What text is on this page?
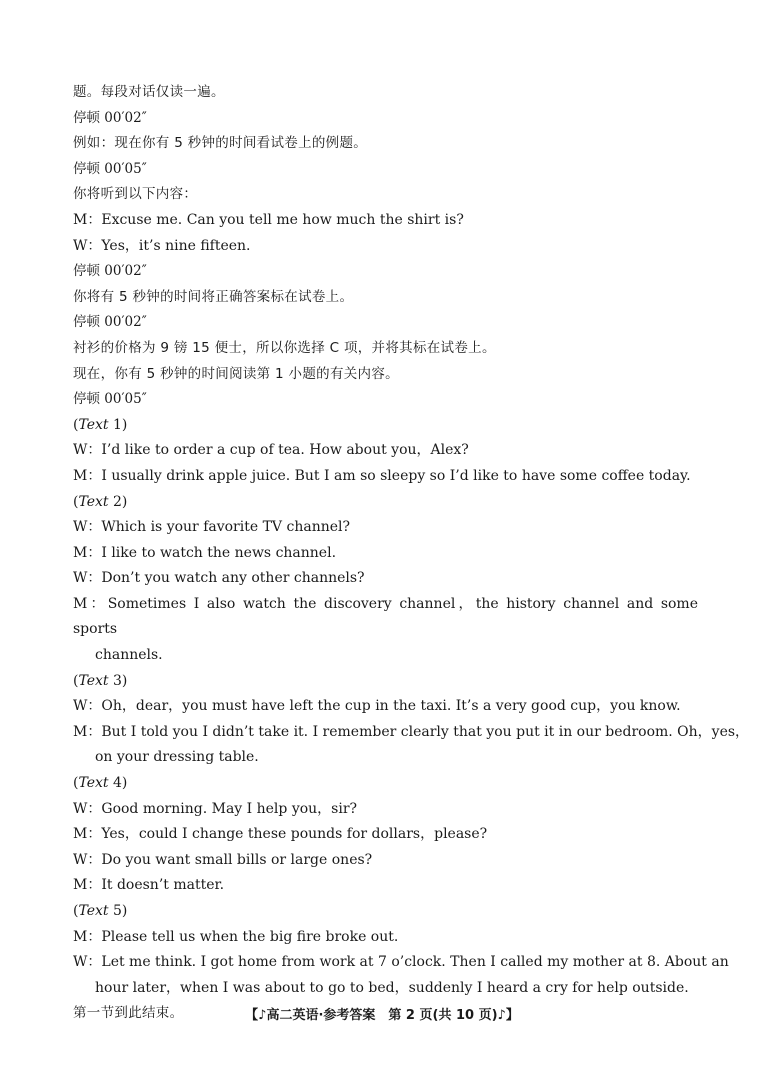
题。每段对话仅读一遍。
停顿 00′02″
例如：现在你有 5 秒钟的时间看试卷上的例题。
停顿 00′05″
你将听到以下内容：
M：Excuse me. Can you tell me how much the shirt is?
W：Yes，it’s nine fifteen.
停顿 00′02″
你将有 5 秒钟的时间将正确答案标在试卷上。
停顿 00′02″
衬衫的价格为 9 镑 15 便士，所以你选择 C 项，并将其标在试卷上。
现在，你有 5 秒钟的时间阅读第 1 小题的有关内容。
停顿 00′05″
(Text 1)
W：I’d like to order a cup of tea. How about you，Alex?
M：I usually drink apple juice. But I am so sleepy so I’d like to have some coffee today.
(Text 2)
W：Which is your favorite TV channel?
M：I like to watch the news channel.
W：Don’t you watch any other channels?
M：Sometimes I also watch the discovery channel，the history channel and some sports
channels.
(Text 3)
W：Oh，dear，you must have left the cup in the taxi. It’s a very good cup，you know.
M：But I told you I didn’t take it. I remember clearly that you put it in our bedroom. Oh，yes，
on your dressing table.
(Text 4)
W：Good morning. May I help you，sir?
M：Yes，could I change these pounds for dollars，please?
W：Do you want small bills or large ones?
M：It doesn’t matter.
(Text 5)
M：Please tell us when the big fire broke out.
W：Let me think. I got home from work at 7 o’clock. Then I called my mother at 8. About an
hour later，when I was about to go to bed，suddenly I heard a cry for help outside.
第一节到此结束。	【♪高二英语·参考答案　第 2 页(共 10 页)♪】
